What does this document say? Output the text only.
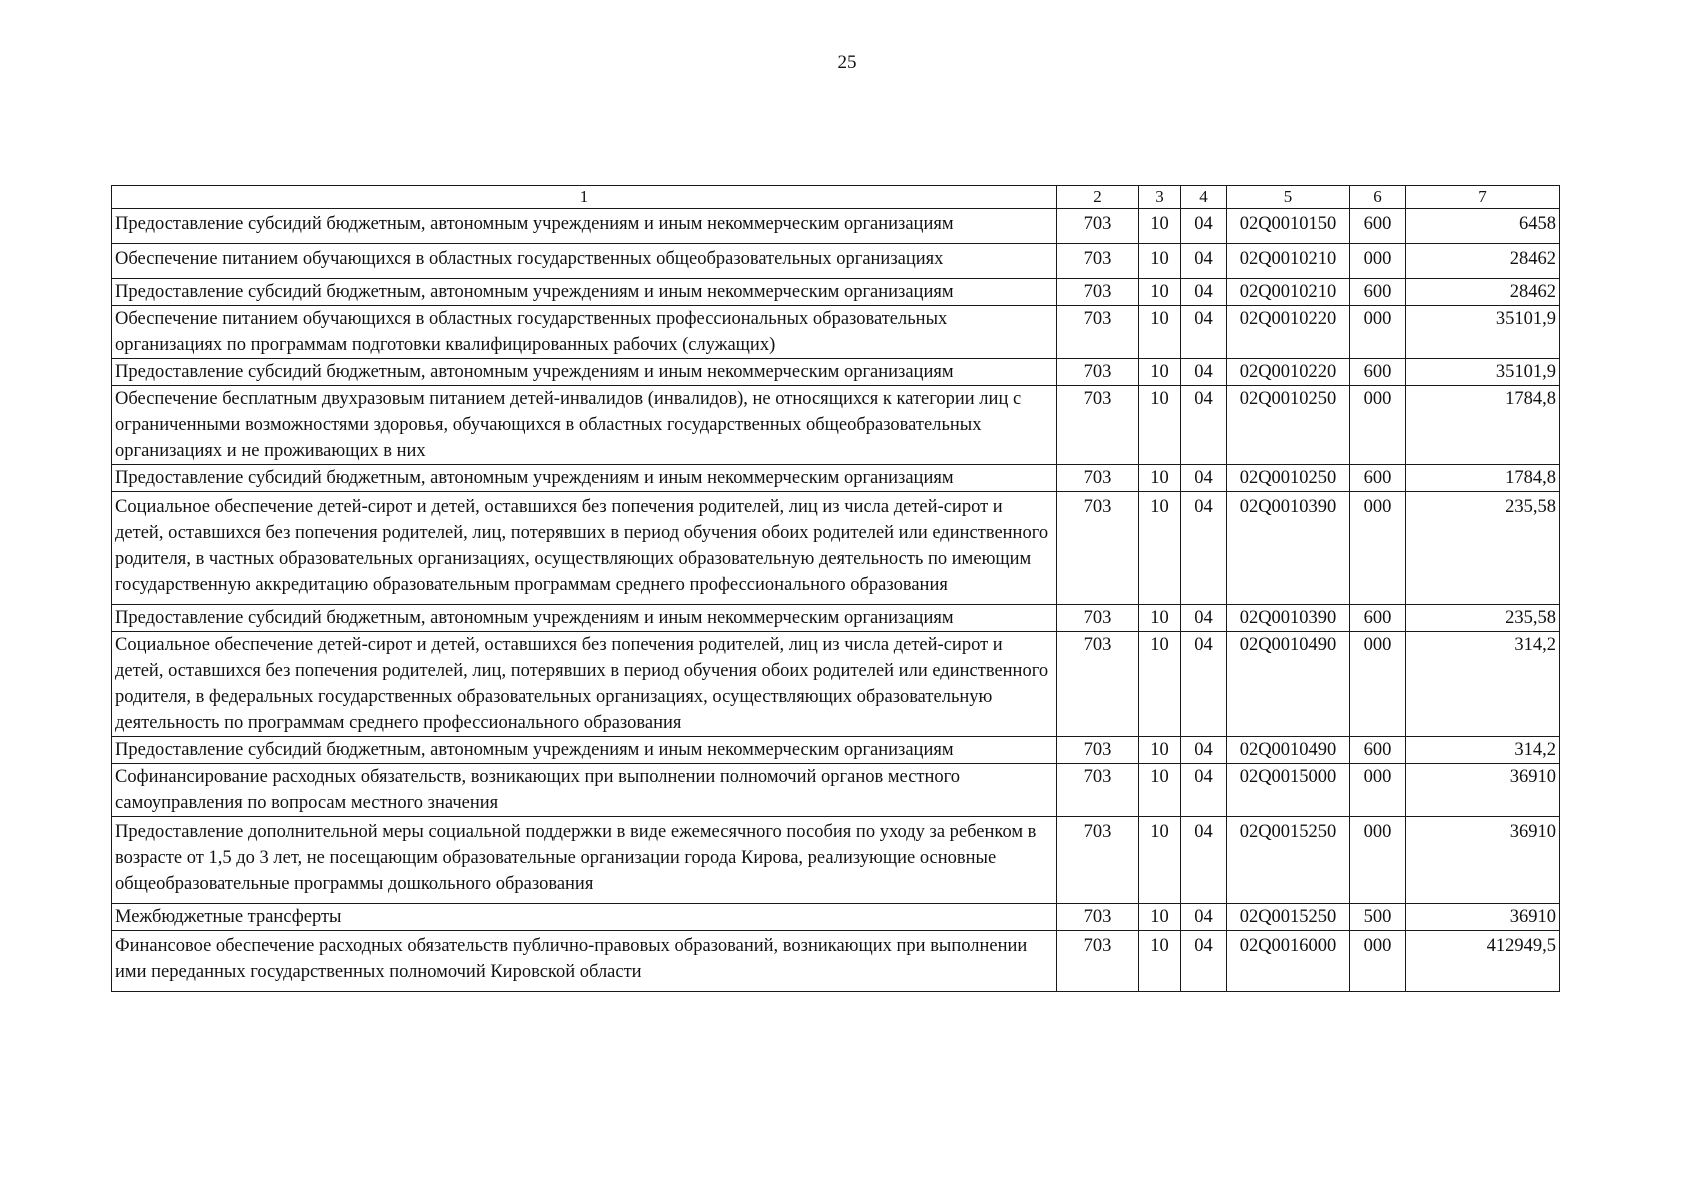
25
1	2	3	4	5	6	7
Предоставление субсидий бюджетным, автономным учреждениям и иным некоммерческим организациям	703	10	04	02Q0010150	600	6458
Обеспечение питанием обучающихся в областных государственных общеобразовательных организациях	703	10	04	02Q0010210	000	28462
Предоставление субсидий бюджетным, автономным учреждениям и иным некоммерческим организациям	703	10	04	02Q0010210	600	28462
Обеспечение питанием обучающихся в областных государственных профессиональных образовательных организациях по программам подготовки квалифицированных рабочих (служащих)	703	10	04	02Q0010220	000	35101,9
Предоставление субсидий бюджетным, автономным учреждениям и иным некоммерческим организациям	703	10	04	02Q0010220	600	35101,9
Обеспечение бесплатным двухразовым питанием детей-инвалидов (инвалидов), не относящихся к категории лиц с ограниченными возможностями здоровья, обучающихся в областных государственных общеобразовательных организациях и не проживающих в них	703	10	04	02Q0010250	000	1784,8
Предоставление субсидий бюджетным, автономным учреждениям и иным некоммерческим организациям	703	10	04	02Q0010250	600	1784,8
Социальное обеспечение детей-сирот и детей, оставшихся без попечения родителей, лиц из числа детей-сирот и детей, оставшихся без попечения родителей, лиц, потерявших в период обучения обоих родителей или единственного родителя, в частных образовательных организациях, осуществляющих образовательную деятельность по имеющим государственную аккредитацию образовательным программам среднего профессионального образования	703	10	04	02Q0010390	000	235,58
Предоставление субсидий бюджетным, автономным учреждениям и иным некоммерческим организациям	703	10	04	02Q0010390	600	235,58
Социальное обеспечение детей-сирот и детей, оставшихся без попечения родителей, лиц из числа детей-сирот и детей, оставшихся без попечения родителей, лиц, потерявших в период обучения обоих родителей или единственного родителя, в федеральных государственных образовательных организациях, осуществляющих образовательную деятельность по программам среднего профессионального образования	703	10	04	02Q0010490	000	314,2
Предоставление субсидий бюджетным, автономным учреждениям и иным некоммерческим организациям	703	10	04	02Q0010490	600	314,2
Софинансирование расходных обязательств, возникающих при выполнении полномочий органов местного самоуправления по вопросам местного значения	703	10	04	02Q0015000	000	36910
Предоставление дополнительной меры социальной поддержки в виде ежемесячного пособия по уходу за ребенком в возрасте от 1,5 до 3 лет, не посещающим образовательные организации города Кирова, реализующие основные общеобразовательные программы дошкольного образования	703	10	04	02Q0015250	000	36910
Межбюджетные трансферты	703	10	04	02Q0015250	500	36910
Финансовое обеспечение расходных обязательств публично-правовых образований, возникающих при выполнении ими переданных государственных полномочий Кировской области	703	10	04	02Q0016000	000	412949,5
